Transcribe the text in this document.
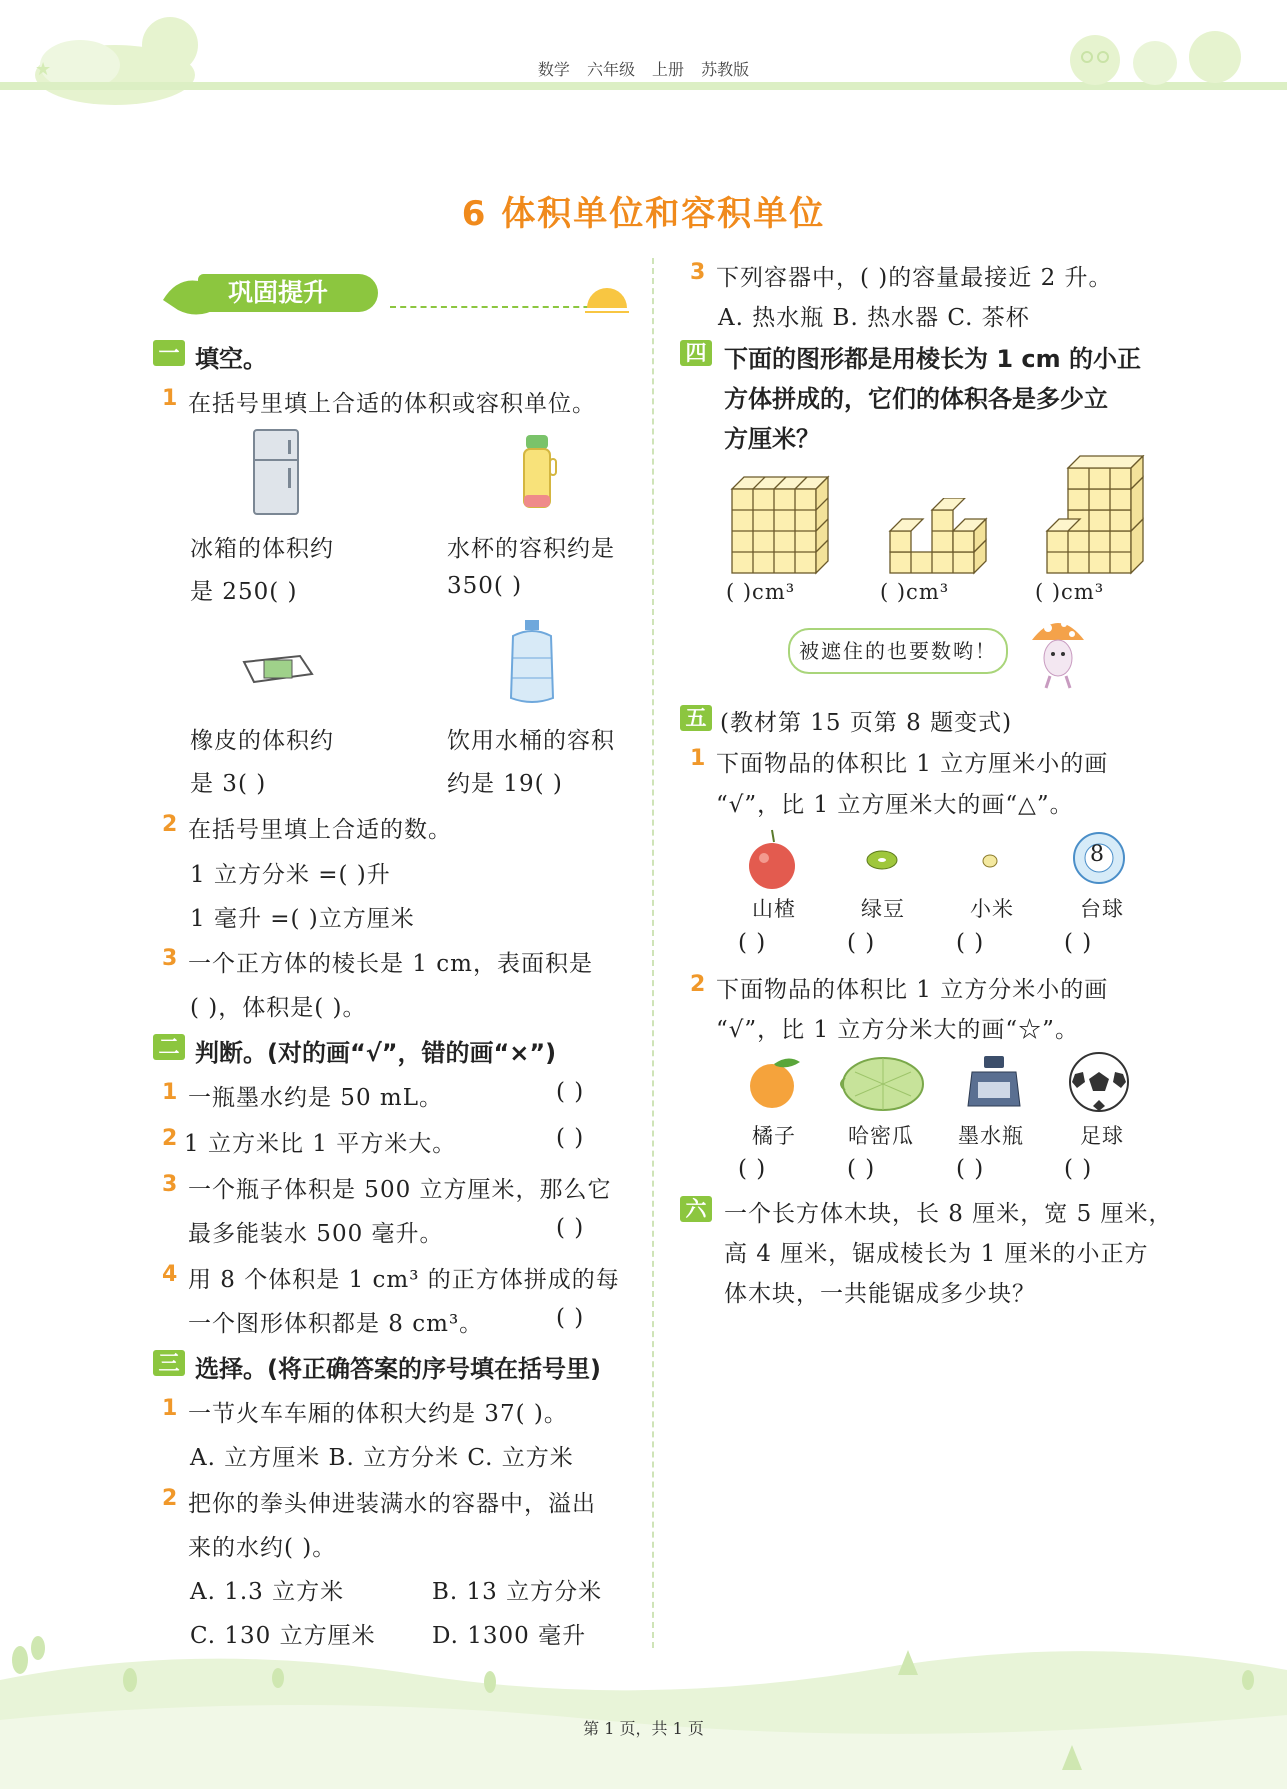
★	数学 六年级 上册 苏教版
6 体积单位和容积单位
巩固提升
一 填空。
1 在括号里填上合适的体积或容积单位。
冰箱的体积约
是 250( )
水杯的容积约是
350( )
橡皮的体积约
是 3( )
饮用水桶的容积
约是 19( )
2 在括号里填上合适的数。
1 立方分米 =( )升
1 毫升 =( )立方厘米
3 一个正方体的棱长是 1 cm，表面积是
( )，体积是( )。
二 判断。(对的画“√”，错的画“×”)
1 一瓶墨水约是 50 mL。	( )
2 1 立方米比 1 平方米大。	( )
3 一个瓶子体积是 500 立方厘米，那么它
最多能装水 500 毫升。	( )
4 用 8 个体积是 1 cm³ 的正方体拼成的每
一个图形体积都是 8 cm³。	( )
三 选择。(将正确答案的序号填在括号里)
1 一节火车车厢的体积大约是 37( )。
A. 立方厘米 B. 立方分米 C. 立方米
2 把你的拳头伸进装满水的容器中，溢出
来的水约( )。
A. 1.3 立方米	B. 13 立方分米
C. 130 立方厘米 D. 1300 毫升
3 下列容器中，( )的容量最接近 2 升。
A. 热水瓶 B. 热水器 C. 茶杯
四 下面的图形都是用棱长为 1 cm 的小正
方体拼成的，它们的体积各是多少立
方厘米？
( )cm³	( )cm³	( )cm³
被遮住的也要数哟！
五 (教材第 15 页第 8 题变式)
1 下面物品的体积比 1 立方厘米小的画
“√”，比 1 立方厘米大的画“△”。
8
山楂	绿豆	小米	台球
( )	( )	( )	( )
2 下面物品的体积比 1 立方分米小的画
“√”，比 1 立方分米大的画“☆”。
橘子 哈密瓜 墨水瓶	足球
( )	( )	( )	( )
六 一个长方体木块，长 8 厘米，宽 5 厘米，
高 4 厘米，锯成棱长为 1 厘米的小正方
体木块，一共能锯成多少块？
第 1 页，共 1 页
